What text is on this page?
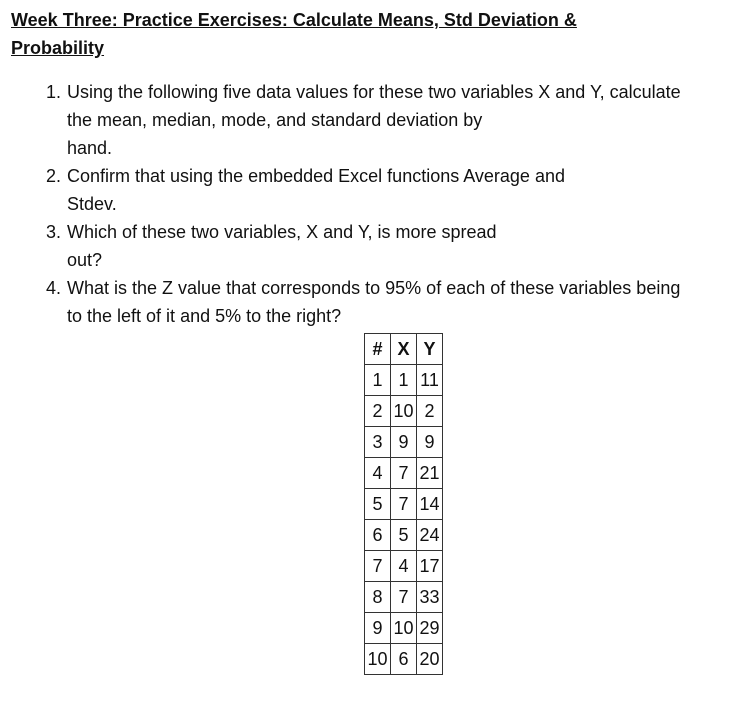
Week Three: Practice Exercises: Calculate Means, Std Deviation &
Probability
1. Using the following five data values for these two variables X and Y, calculate
the mean, median, mode, and standard deviation by
hand.
2. Confirm that using the embedded Excel functions Average and
Stdev.
3. Which of these two variables, X and Y, is more spread
out?
4. What is the Z value that corresponds to 95% of each of these variables being
to the left of it and 5% to the right?
#	X	Y
1	1	11
2	10	2
3	9	9
4	7	21
5	7	14
6	5	24
7	4	17
8	7	33
9	10	29
10	6	20
